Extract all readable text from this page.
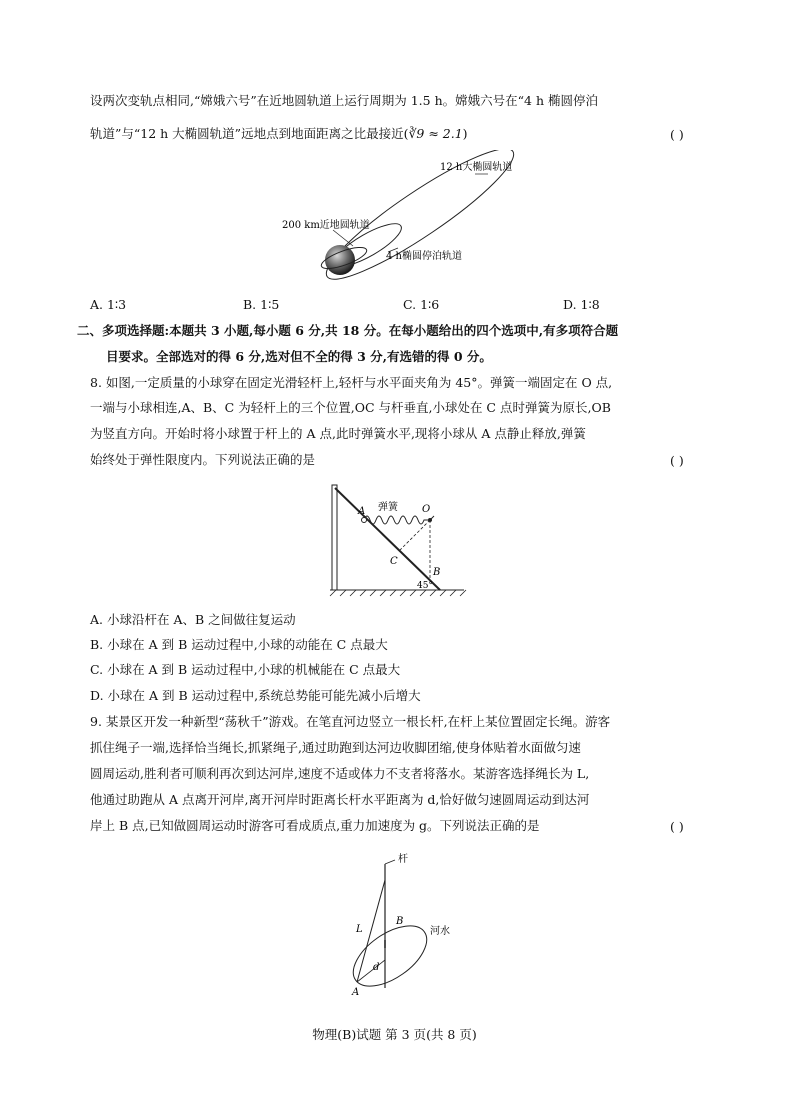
设两次变轨点相同,“嫦娥六号”在近地圆轨道上运行周期为 1.5 h。嫦娥六号在“4 h 椭圆停泊
轨道”与“12 h 大椭圆轨道”远地点到地面距离之比最接近(∛9 ≈ 2.1)	( )
12 h大椭圆轨道
200 km近地圆轨道
4 h椭圆停泊轨道
A. 1∶3	B. 1∶5	C. 1∶6	D. 1∶8
二、多项选择题:本题共 3 小题,每小题 6 分,共 18 分。在每小题给出的四个选项中,有多项符合题
目要求。全部选对的得 6 分,选对但不全的得 3 分,有选错的得 0 分。
8. 如图,一定质量的小球穿在固定光滑轻杆上,轻杆与水平面夹角为 45°。弹簧一端固定在 O 点,
一端与小球相连,A、B、C 为轻杆上的三个位置,OC 与杆垂直,小球处在 C 点时弹簧为原长,OB
为竖直方向。开始时将小球置于杆上的 A 点,此时弹簧水平,现将小球从 A 点静止释放,弹簧
始终处于弹性限度内。下列说法正确的是	( )
弹簧
A	O
C
B
45°
A. 小球沿杆在 A、B 之间做往复运动
B. 小球在 A 到 B 运动过程中,小球的动能在 C 点最大
C. 小球在 A 到 B 运动过程中,小球的机械能在 C 点最大
D. 小球在 A 到 B 运动过程中,系统总势能可能先减小后增大
9. 某景区开发一种新型“荡秋千”游戏。在笔直河边竖立一根长杆,在杆上某位置固定长绳。游客
抓住绳子一端,选择恰当绳长,抓紧绳子,通过助跑到达河边收脚团缩,使身体贴着水面做匀速
圆周运动,胜利者可顺利再次到达河岸,速度不适或体力不支者将落水。某游客选择绳长为 L,
他通过助跑从 A 点离开河岸,离开河岸时距离长杆水平距离为 d,恰好做匀速圆周运动到达河
岸上 B 点,已知做圆周运动时游客可看成质点,重力加速度为 g。下列说法正确的是	( )
杆
L
B
河水
d
A
物理(B)试题 第 3 页(共 8 页)
